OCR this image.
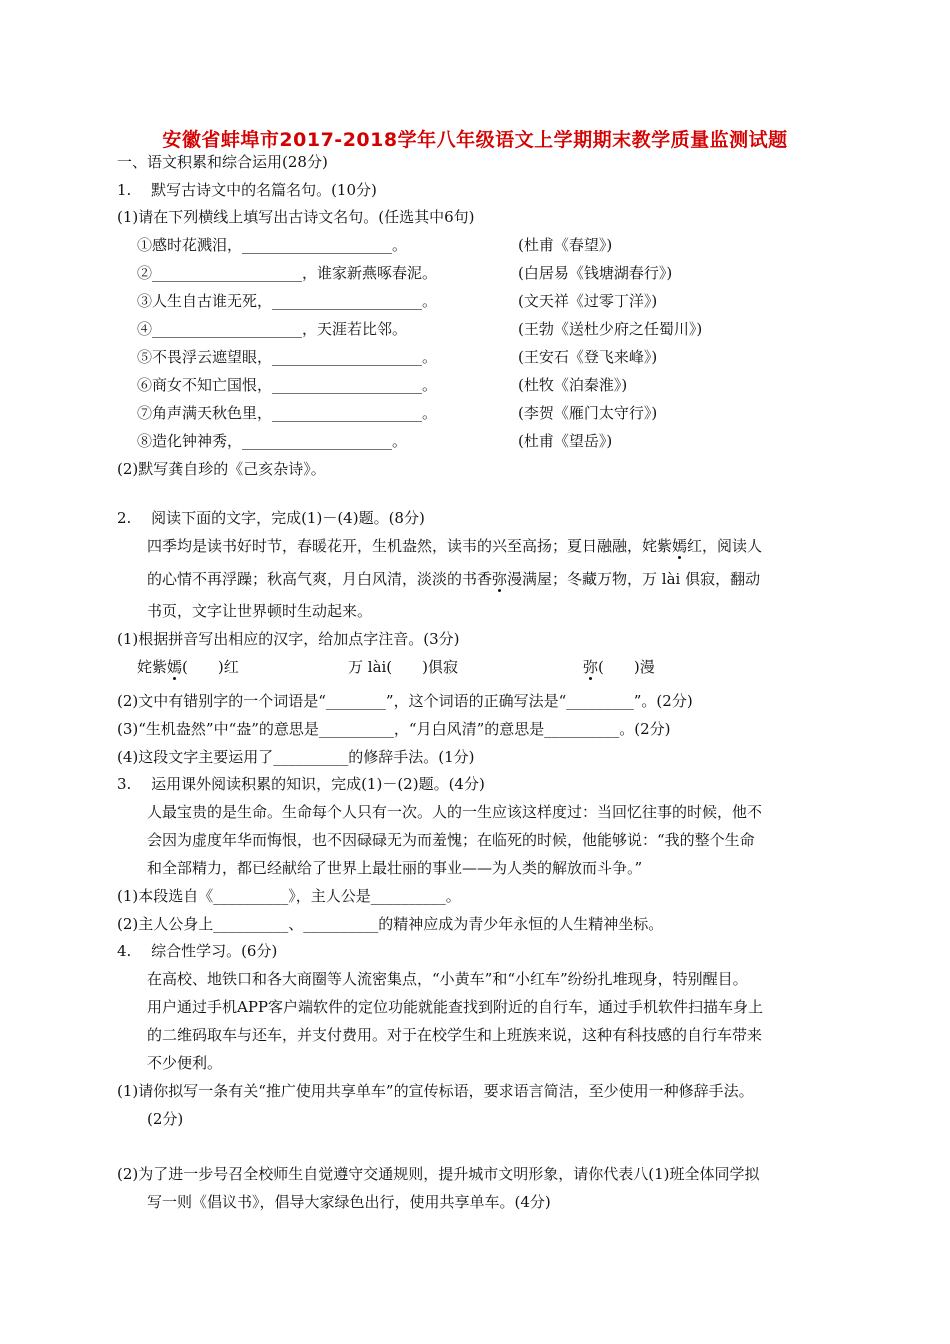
安徽省蚌埠市2017-2018学年八年级语文上学期期末教学质量监测试题
一、语文积累和综合运用(28分)
1.　 默写古诗文中的名篇名句。(10分)
(1)请在下列横线上填写出古诗文名句。(任选其中6句)
①感时花溅泪，____________________。	(杜甫《春望》)
②____________________，谁家新燕啄春泥。	(白居易《钱塘湖春行》)
③人生自古谁无死，____________________。	(文天祥《过零丁洋》)
④____________________，天涯若比邻。	(王勃《送杜少府之任蜀川》)
⑤不畏浮云遮望眼，____________________。	(王安石《登飞来峰》)
⑥商女不知亡国恨，____________________。	(杜牧《泊秦淮》)
⑦角声满天秋色里，____________________。	(李贺《雁门太守行》)
⑧造化钟神秀，____________________。	(杜甫《望岳》)
(2)默写龚自珍的《己亥杂诗》。
2.　 阅读下面的文字，完成(1)－(4)题。(8分)
四季均是读书好时节，春暖花开，生机盎然，读韦的兴至高扬；夏日融融，姹紫嫣红，阅读人
的心情不再浮躁；秋高气爽，月白风清，淡淡的书香弥漫满屋；冬藏万物，万 lài 俱寂，翻动
书页，文字让世界顿时生动起来。
(1)根据拼音写出相应的汉字，给加点字注音。(3分)
姹紫嫣(　　)红	万 lài(　　)俱寂	弥(　　)漫
(2)文中有错别字的一个词语是“________”，这个词语的正确写法是“_________”。(2分)
(3)“生机盎然”中“盎”的意思是__________，“月白风清”的意思是__________。(2分)
(4)这段文字主要运用了__________的修辞手法。(1分)
3.　 运用课外阅读积累的知识，完成(1)－(2)题。(4分)
人最宝贵的是生命。生命每个人只有一次。人的一生应该这样度过：当回忆往事的时候，他不
会因为虚度年华而悔恨，也不因碌碌无为而羞愧；在临死的时候，他能够说：“我的整个生命
和全部精力，都已经献给了世界上最壮丽的事业——为人类的解放而斗争。”
(1)本段选自《__________》，主人公是__________。
(2)主人公身上__________、__________的精神应成为青少年永恒的人生精神坐标。
4.　 综合性学习。(6分)
在高校、地铁口和各大商圈等人流密集点，“小黄车”和“小红车”纷纷扎堆现身，特别醒目。
用户通过手机APP客户端软件的定位功能就能查找到附近的自行车，通过手机软件扫描车身上
的二维码取车与还车，并支付费用。对于在校学生和上班族来说，这种有科技感的自行车带来
不少便利。
(1)请你拟写一条有关“推广使用共享单车”的宣传标语，要求语言简洁，至少使用一种修辞手法。
(2分)
(2)为了进一步号召全校师生自觉遵守交通规则，提升城市文明形象，请你代表八(1)班全体同学拟
写一则《倡议书》，倡导大家绿色出行，使用共享单车。(4分)
